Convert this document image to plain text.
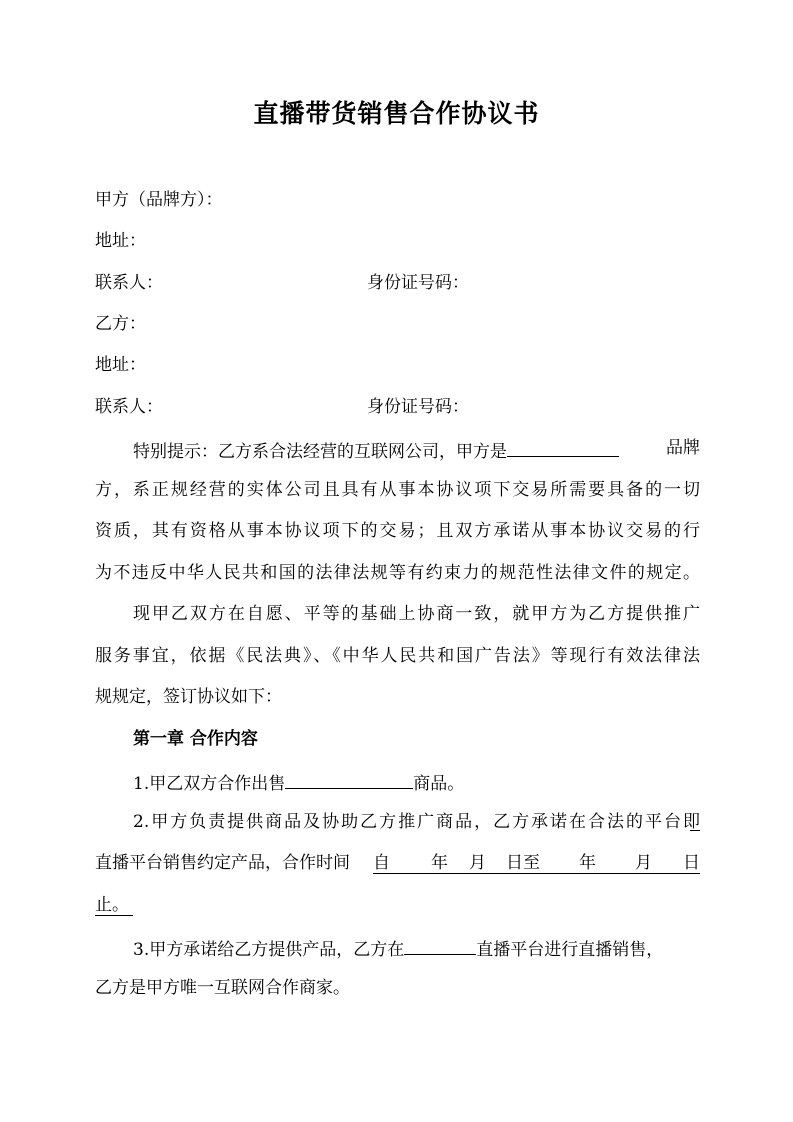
直播带货销售合作协议书
甲方（品牌方）：
地址：
联系人：	身份证号码：
乙方：
地址：
联系人：	身份证号码：
特别提示：乙方系合法经营的互联网公司，甲方是	品牌
方，系正规经营的实体公司且具有从事本协议项下交易所需要具备的一切
资质，其有资格从事本协议项下的交易；且双方承诺从事本协议交易的行
为不违反中华人民共和国的法律法规等有约束力的规范性法律文件的规定。
现甲乙双方在自愿、平等的基础上协商一致，就甲方为乙方提供推广
服务事宜，依据《民法典》、《中华人民共和国广告法》等现行有效法律法
规规定，签订协议如下：
第一章 合作内容
1.甲乙双方合作出售	商品。
2.甲方负责提供商品及协助乙方推广商品，乙方承诺在合法的平台即
直播平台销售约定产品，合作时间 自 年 月 日至 年 月 日
止。
3.甲方承诺给乙方提供产品，乙方在	直播平台进行直播销售，
乙方是甲方唯一互联网合作商家。
